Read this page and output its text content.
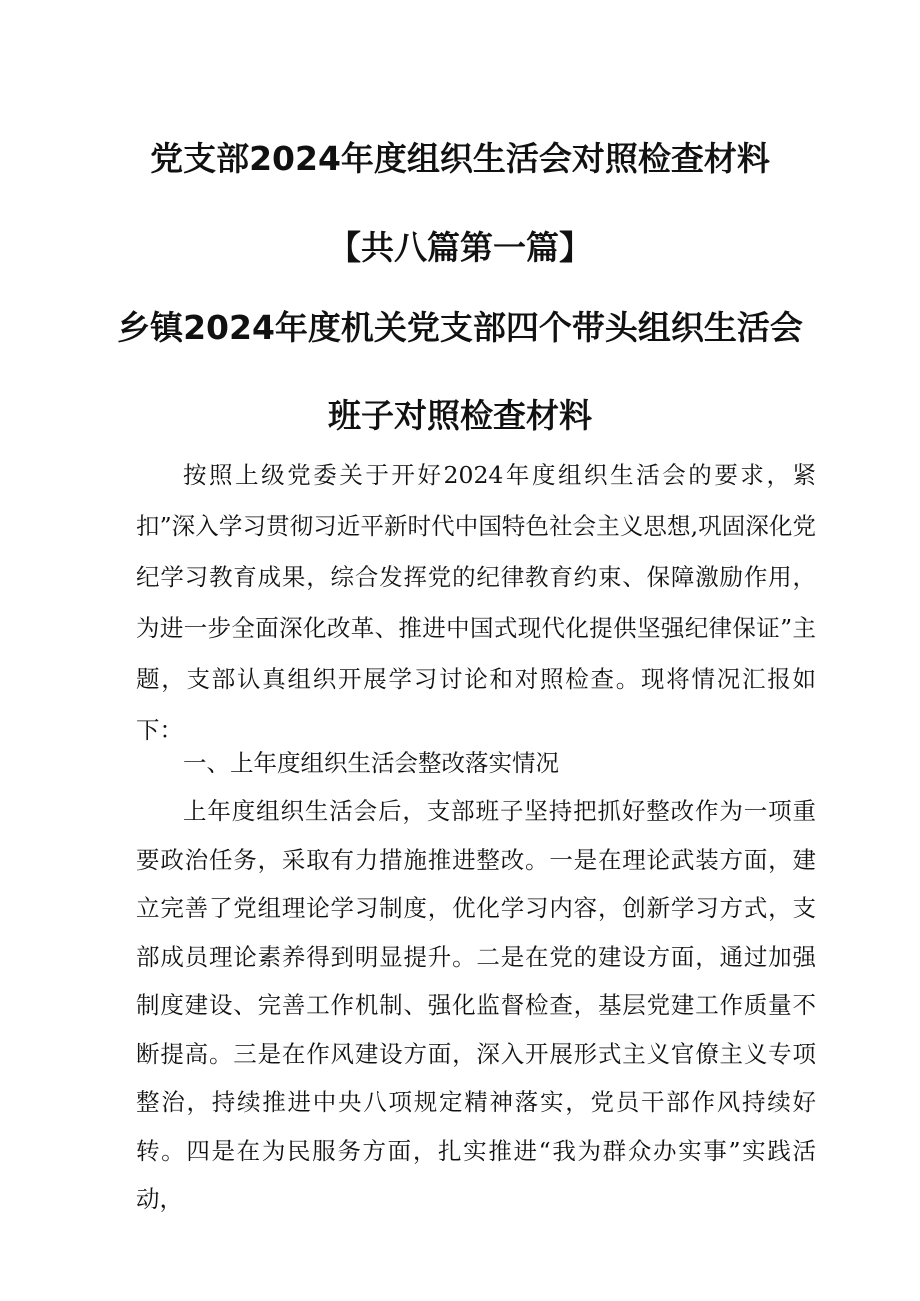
党支部2024年度组织生活会对照检查材料
【共八篇第一篇】
乡镇2024年度机关党支部四个带头组织生活会
班子对照检查材料

按照上级党委关于开好2024年度组织生活会的要求，紧扣”深入学习贯彻习近平新时代中国特色社会主义思想,巩固深化党纪学习教育成果，综合发挥党的纪律教育约束、保障激励作用，为进一步全面深化改革、推进中国式现代化提供坚强纪律保证”主题，支部认真组织开展学习讨论和对照检查。现将情况汇报如下：

一、上年度组织生活会整改落实情况

上年度组织生活会后，支部班子坚持把抓好整改作为一项重要政治任务，采取有力措施推进整改。一是在理论武装方面，建立完善了党组理论学习制度，优化学习内容，创新学习方式，支部成员理论素养得到明显提升。二是在党的建设方面，通过加强制度建设、完善工作机制、强化监督检查，基层党建工作质量不断提高。三是在作风建设方面，深入开展形式主义官僚主义专项整治，持续推进中央八项规定精神落实，党员干部作风持续好转。四是在为民服务方面，扎实推进“我为群众办实事”实践活动，
